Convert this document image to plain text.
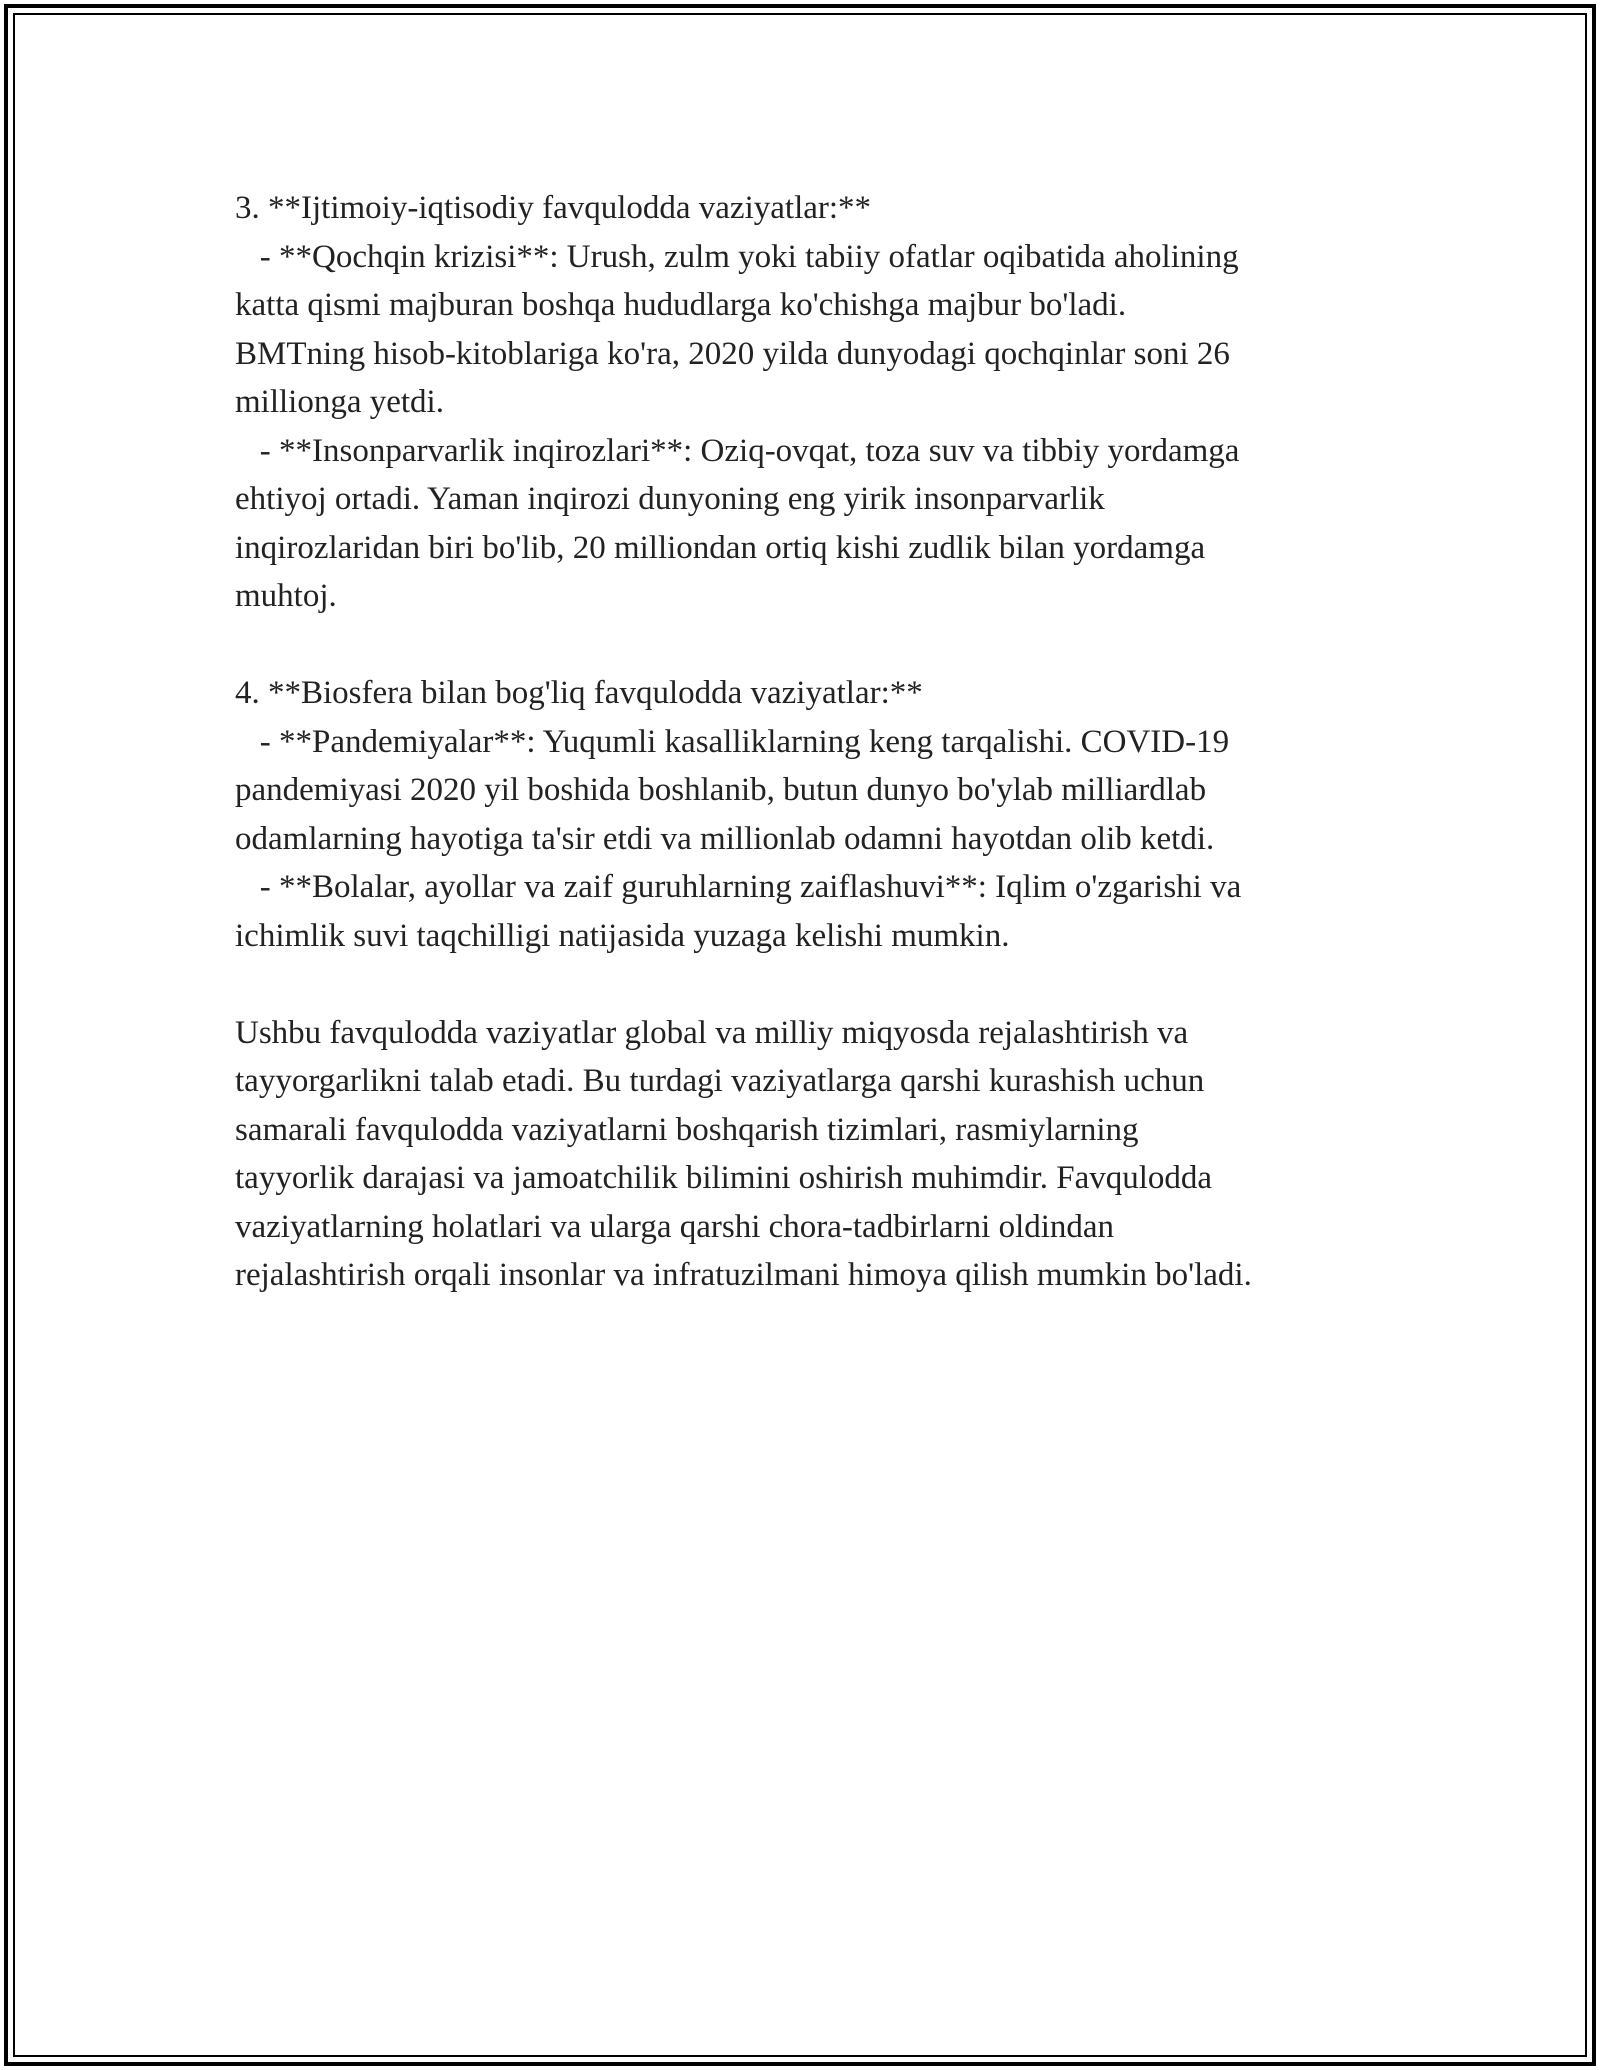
3. **Ijtimoiy-iqtisodiy favqulodda vaziyatlar:**
- **Qochqin krizisi**: Urush, zulm yoki tabiiy ofatlar oqibatida aholining
katta qismi majburan boshqa hududlarga ko'chishga majbur bo'ladi.
BMTning hisob-kitoblariga ko'ra, 2020 yilda dunyodagi qochqinlar soni 26
millionga yetdi.
- **Insonparvarlik inqirozlari**: Oziq-ovqat, toza suv va tibbiy yordamga
ehtiyoj ortadi. Yaman inqirozi dunyoning eng yirik insonparvarlik
inqirozlaridan biri bo'lib, 20 milliondan ortiq kishi zudlik bilan yordamga
muhtoj.
4. **Biosfera bilan bog'liq favqulodda vaziyatlar:**
- **Pandemiyalar**: Yuqumli kasalliklarning keng tarqalishi. COVID-19
pandemiyasi 2020 yil boshida boshlanib, butun dunyo bo'ylab milliardlab
odamlarning hayotiga ta'sir etdi va millionlab odamni hayotdan olib ketdi.
- **Bolalar, ayollar va zaif guruhlarning zaiflashuvi**: Iqlim o'zgarishi va
ichimlik suvi taqchilligi natijasida yuzaga kelishi mumkin.
Ushbu favqulodda vaziyatlar global va milliy miqyosda rejalashtirish va
tayyorgarlikni talab etadi. Bu turdagi vaziyatlarga qarshi kurashish uchun
samarali favqulodda vaziyatlarni boshqarish tizimlari, rasmiylarning
tayyorlik darajasi va jamoatchilik bilimini oshirish muhimdir. Favqulodda
vaziyatlarning holatlari va ularga qarshi chora-tadbirlarni oldindan
rejalashtirish orqali insonlar va infratuzilmani himoya qilish mumkin bo'ladi.
